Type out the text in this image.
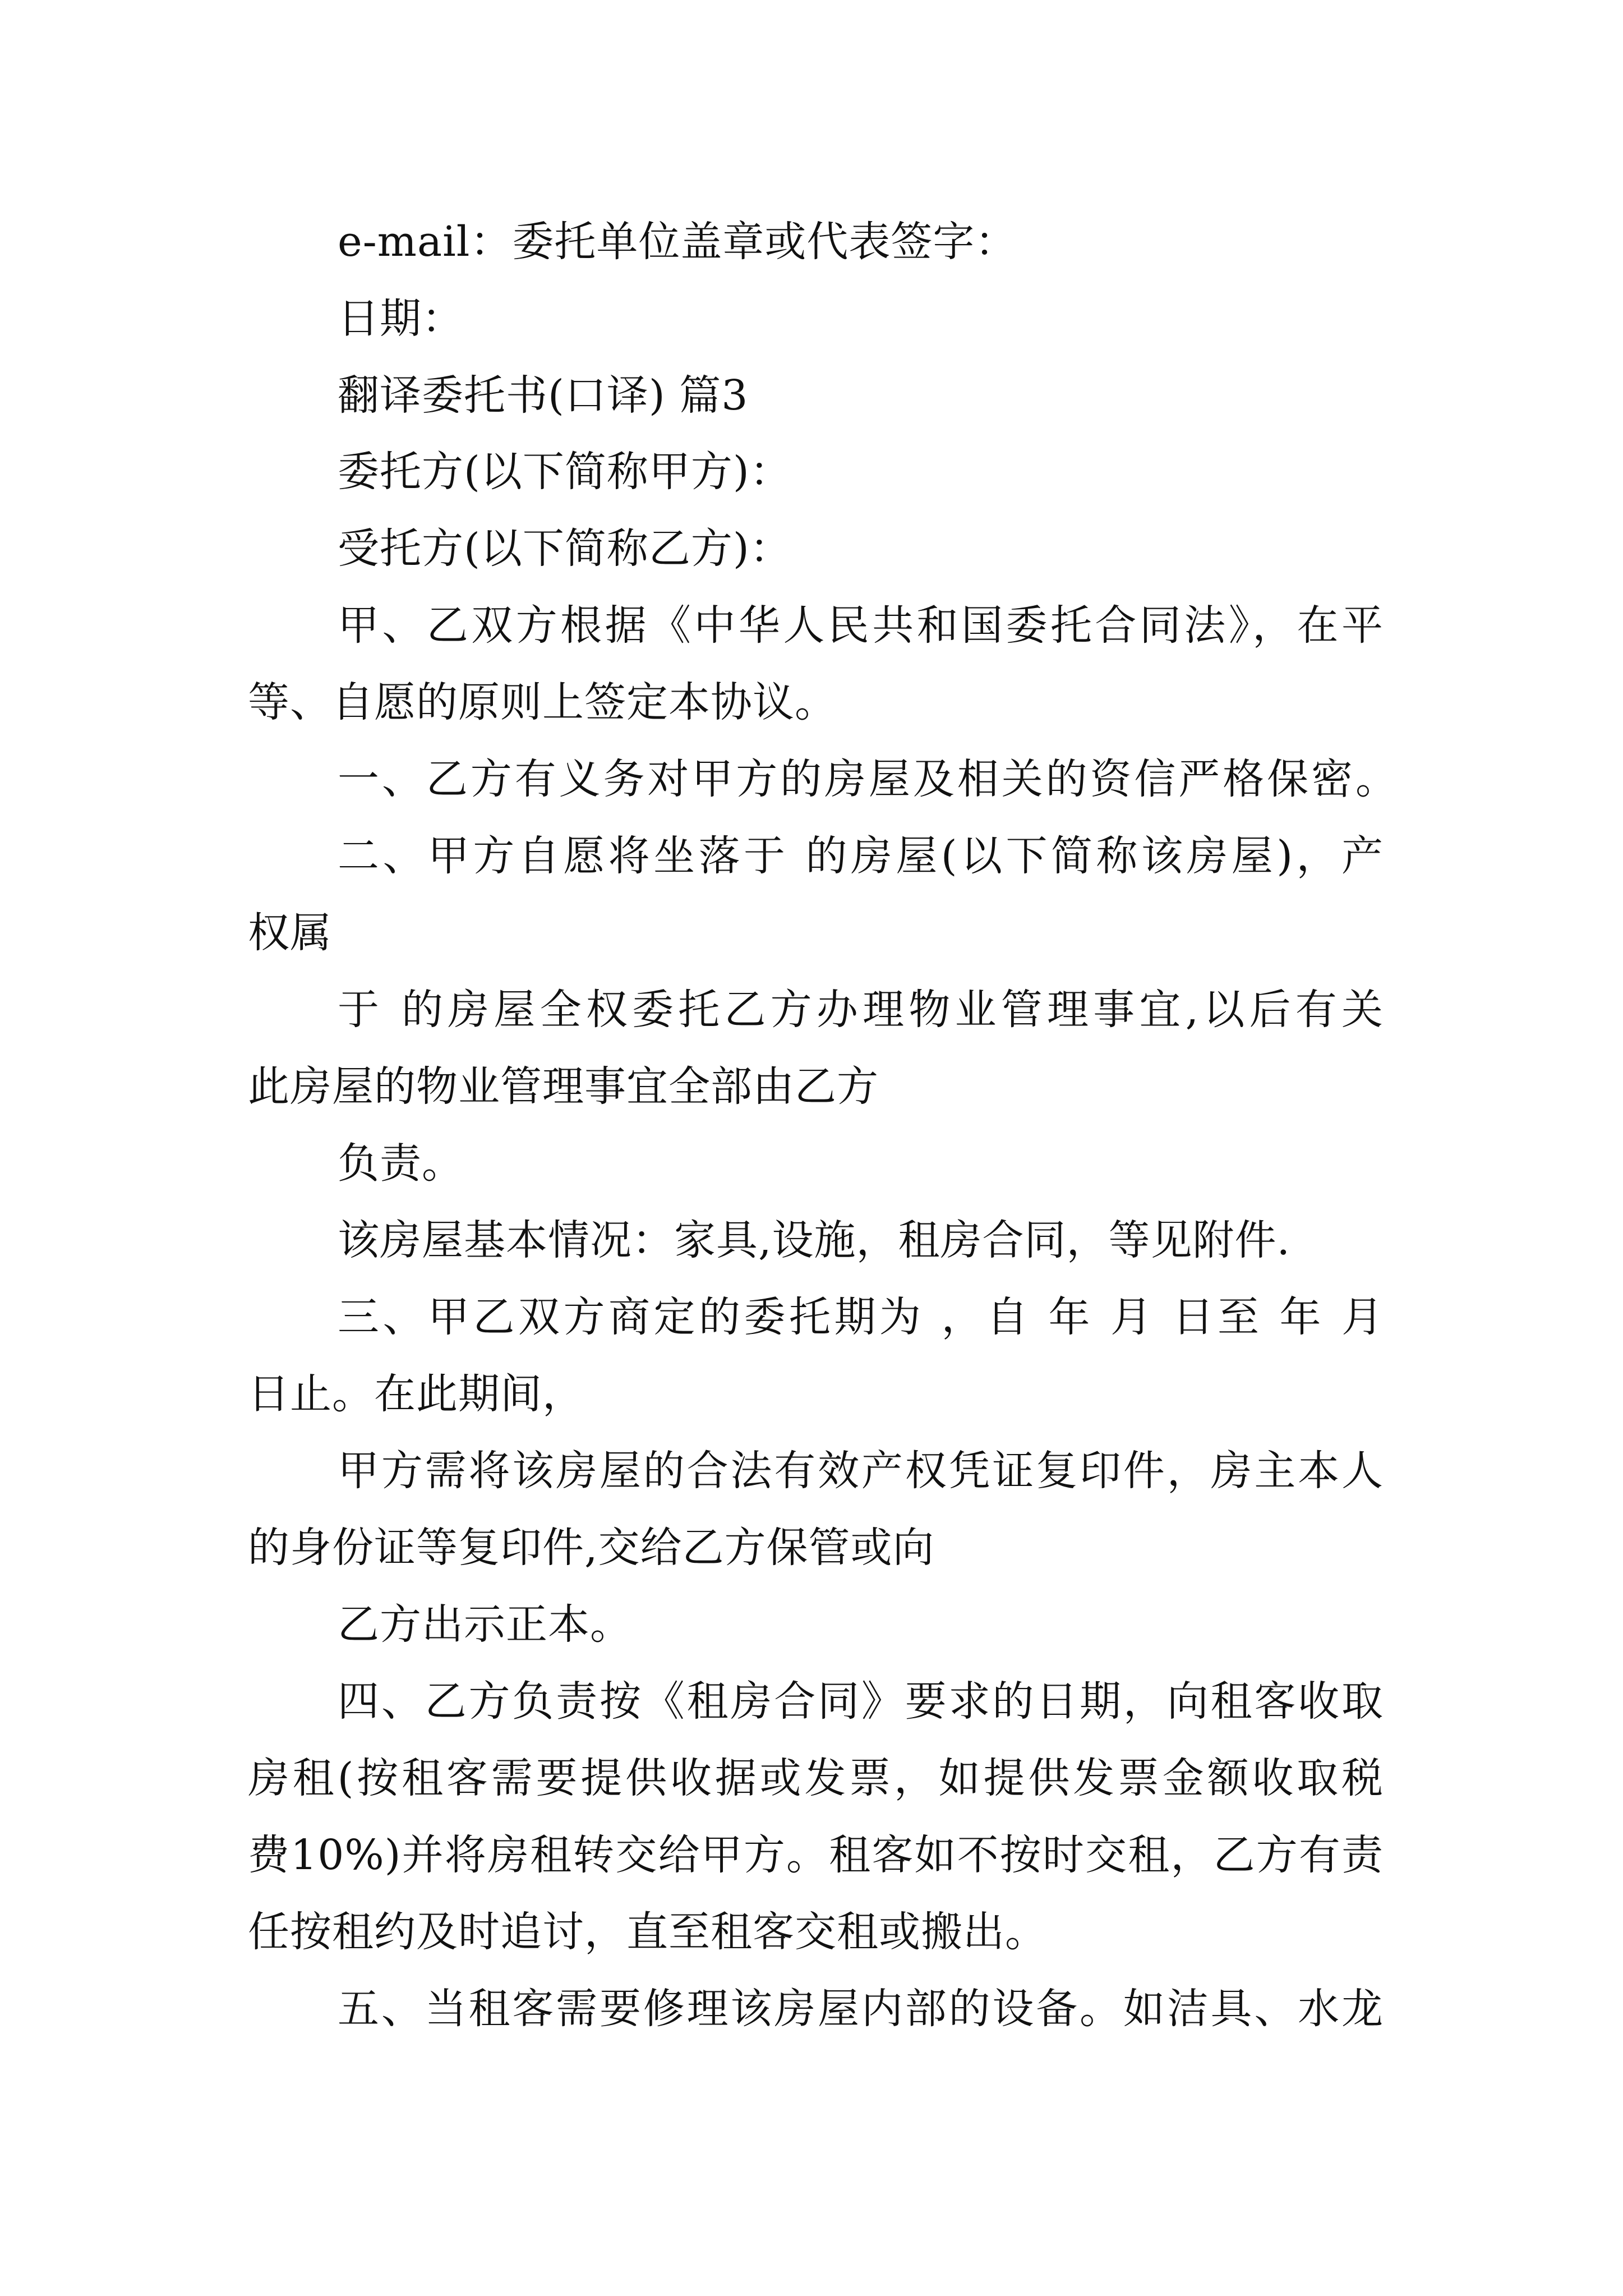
e-mail：委托单位盖章或代表签字：
日期：
翻译委托书(口译) 篇3
委托方(以下简称甲方)：
受托方(以下简称乙方)：
甲、乙双方根据《中华人民共和国委托合同法》，在平
等、自愿的原则上签定本协议。
一、乙方有义务对甲方的房屋及相关的资信严格保密。
二、甲方自愿将坐落于 的房屋(以下简称该房屋)，产
权属
于 的房屋全权委托乙方办理物业管理事宜,以后有关
此房屋的物业管理事宜全部由乙方
负责。
该房屋基本情况：家具,设施，租房合同，等见附件.
三、甲乙双方商定的委托期为 ，自 年 月 日至 年 月
日止。在此期间，
甲方需将该房屋的合法有效产权凭证复印件，房主本人
的身份证等复印件,交给乙方保管或向
乙方出示正本。
四、乙方负责按《租房合同》要求的日期，向租客收取
房租(按租客需要提供收据或发票，如提供发票金额收取税
费10%)并将房租转交给甲方。租客如不按时交租，乙方有责
任按租约及时追讨，直至租客交租或搬出。
五、当租客需要修理该房屋内部的设备。如洁具、水龙
